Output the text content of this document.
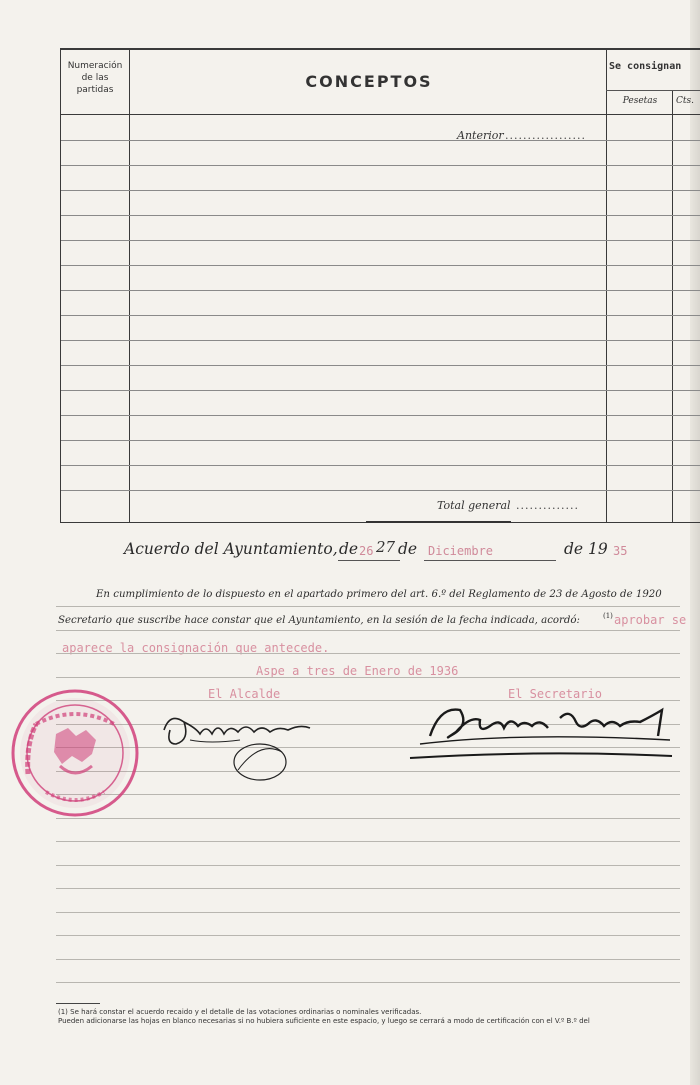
Numeración
de las
partidas	CONCEPTOS
Se consignan
Pesetas	Cts.
Anterior ..................
Total general ..............
Acuerdo del Ayuntamiento, de 26 27 de Diciembre	de 19 35
En cumplimiento de lo dispuesto en el apartado primero del art. 6.º del Reglamento de 23 de Agosto de 1920
Secretario que suscribe hace constar que el Ayuntamiento, en la sesión de la fecha indicada, acordó:	(1) aprobar se
aparece la consignación que antecede.
Aspe a tres de Enero de 1936
El Alcalde	El Secretario
(1) Se hará constar el acuerdo recaido y el detalle de las votaciones ordinarias o nominales verificadas.
Pueden adicionarse las hojas en blanco necesarias si no hubiera suficiente en este espacio, y luego se cerrará a modo de certificación con el V.º B.º del
